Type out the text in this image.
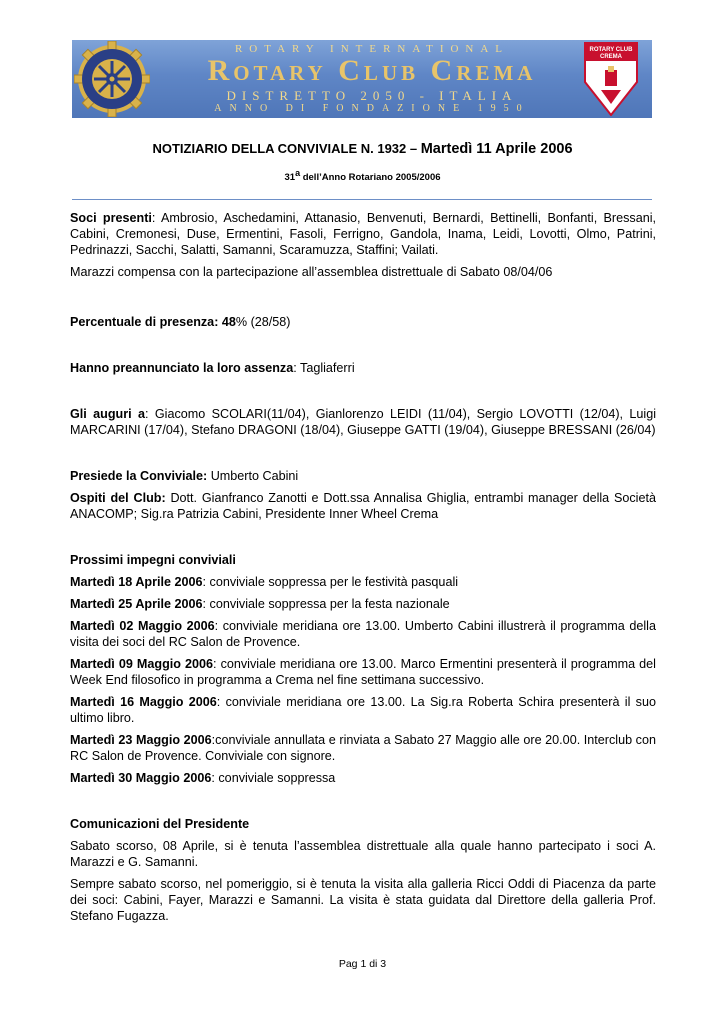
ROTARY INTERNATIONAL
Rotary Club Crema
DISTRETTO 2050 - ITALIA
ANNO DI FONDAZIONE 1950
ROTARY CLUB
CREMA
NOTIZIARIO DELLA CONVIVIALE N. 1932 – Martedì 11 Aprile 2006
31$^a$ dell’Anno Rotariano 2005/2006

Soci presenti: Ambrosio, Aschedamini, Attanasio, Benvenuti, Bernardi, Bettinelli, Bonfanti, Bressani, Cabini, Cremonesi, Duse, Ermentini, Fasoli, Ferrigno, Gandola, Inama, Leidi, Lovotti, Olmo, Patrini, Pedrinazzi, Sacchi, Salatti, Samanni, Scaramuzza, Staffini; Vailati.

Marazzi compensa con la partecipazione all’assemblea distrettuale di Sabato 08/04/06

Percentuale di presenza: 48% (28/58)

Hanno preannunciato la loro assenza: Tagliaferri

Gli auguri a: Giacomo SCOLARI(11/04), Gianlorenzo LEIDI (11/04), Sergio LOVOTTI (12/04), Luigi MARCARINI (17/04), Stefano DRAGONI (18/04), Giuseppe GATTI (19/04), Giuseppe BRESSANI (26/04)

Presiede la Conviviale: Umberto Cabini

Ospiti del Club: Dott. Gianfranco Zanotti e Dott.ssa Annalisa Ghiglia, entrambi manager della Società ANACOMP; Sig.ra Patrizia Cabini, Presidente Inner Wheel Crema

Prossimi impegni conviviali

Martedì 18 Aprile 2006: conviviale soppressa per le festività pasquali

Martedì 25 Aprile 2006: conviviale soppressa per la festa nazionale

Martedì 02 Maggio 2006: conviviale meridiana ore 13.00. Umberto Cabini illustrerà il programma della visita dei soci del RC Salon de Provence.

Martedì 09 Maggio 2006: conviviale meridiana ore 13.00. Marco Ermentini presenterà il programma del Week End filosofico in programma a Crema nel fine settimana successivo.

Martedì 16 Maggio 2006: conviviale meridiana ore 13.00. La Sig.ra Roberta Schira presenterà il suo ultimo libro.

Martedì 23 Maggio 2006:conviviale annullata e rinviata a Sabato 27 Maggio alle ore 20.00. Interclub con RC Salon de Provence. Conviviale con signore.

Martedì 30 Maggio 2006: conviviale soppressa

Comunicazioni del Presidente

Sabato scorso, 08 Aprile, si è tenuta l’assemblea distrettuale alla quale hanno partecipato i soci A. Marazzi e G. Samanni.

Sempre sabato scorso, nel pomeriggio, si è tenuta la visita alla galleria Ricci Oddi di Piacenza da parte dei soci: Cabini, Fayer, Marazzi e Samanni. La visita è stata guidata dal Direttore della galleria Prof. Stefano Fugazza.

Pag 1 di 3
